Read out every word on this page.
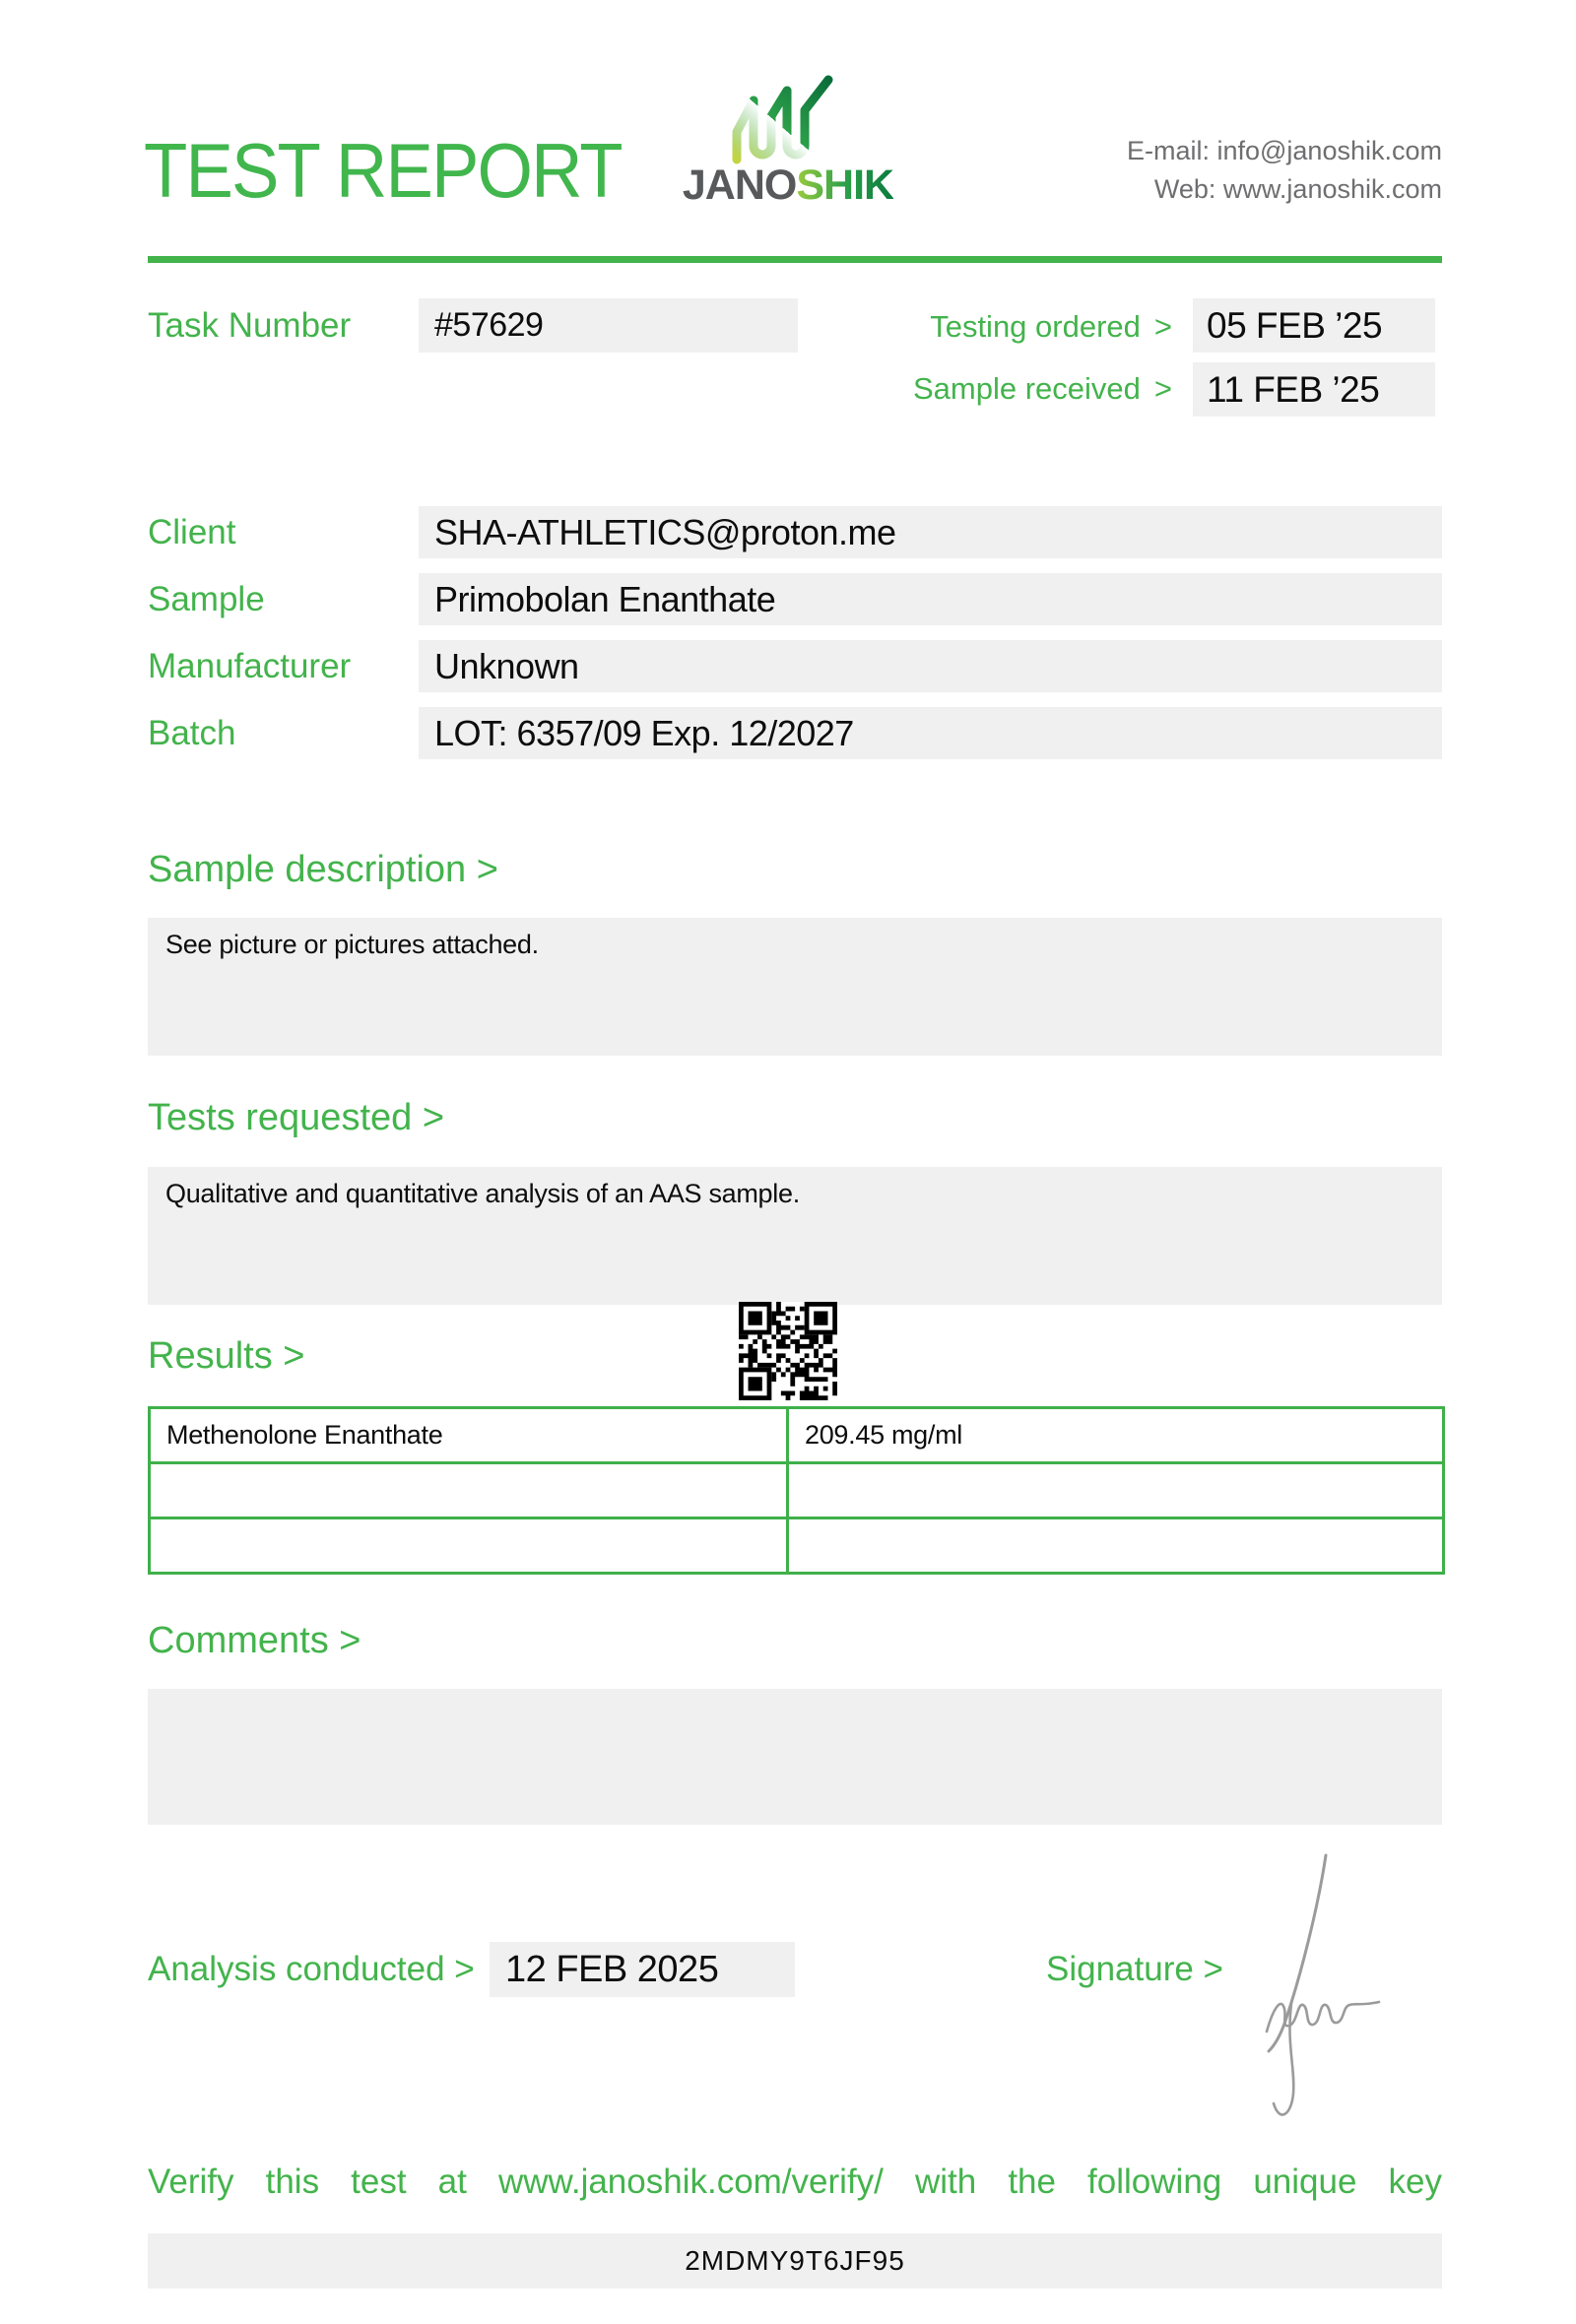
TEST REPORT	JANOSHIK
E-mail: info@janoshik.com
Web: www.janoshik.com
Task Number	#57629	Testing ordered > 05 FEB ’25
Sample received > 11 FEB ’25
Client	SHA-ATHLETICS@proton.me
Sample	Primobolan Enanthate
Manufacturer	Unknown
Batch	LOT: 6357/09 Exp. 12/2027
Sample description >
See picture or pictures attached.
Tests requested >
Qualitative and quantitative analysis of an AAS sample.
Results >
Methenolone Enanthate	209.45 mg/ml

Comments >
Analysis conducted > 12 FEB 2025	Signature >
Verify this test at www.janoshik.com/verify/ with the following unique key
2MDMY9T6JF95
